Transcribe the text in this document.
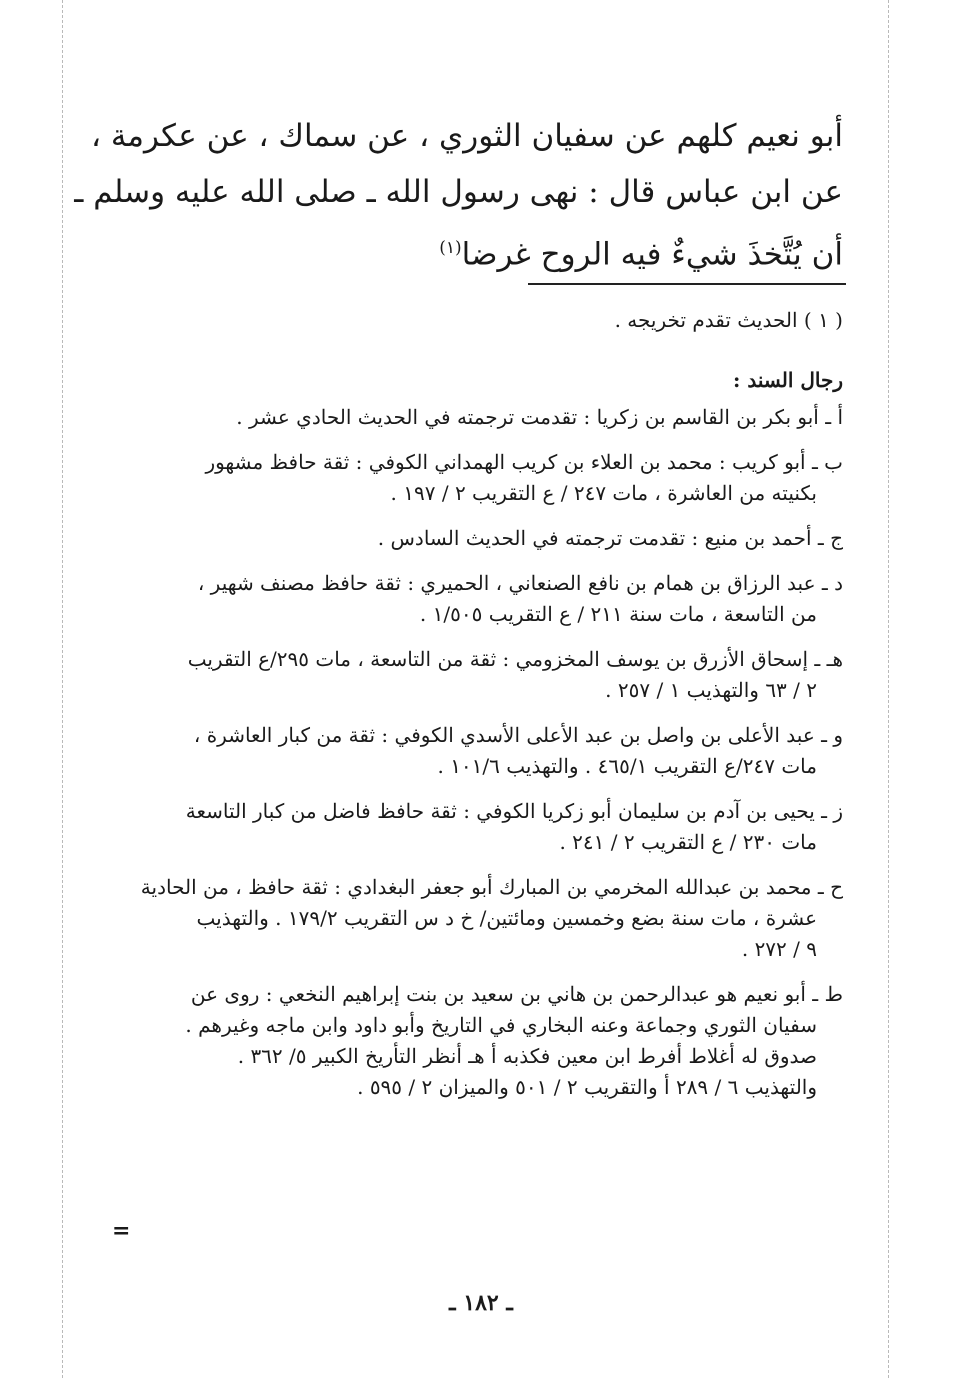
أبو نعيم كلهم عن سفيان الثوري ، عن سماك ، عن عكرمة ،
عن ابن عباس قال : نهى رسول الله ـ صلى الله عليه وسلم ـ
أن يُتَّخذَ شيءٌ فيه الروح غرضا$^{(١)}$
( ١ ) الحديث تقدم تخريجه .
رجال السند :
أ ـ أبو بكر بن القاسم بن زكريا : تقدمت ترجمته في الحديث الحادي عشر .
ب ـ أبو كريب : محمد بن العلاء بن كريب الهمداني الكوفي : ثقة حافظ مشهور
بكنيته من العاشرة ، مات ٢٤٧ / ع التقريب ٢ / ١٩٧ .
ج ـ أحمد بن منيع : تقدمت ترجمته في الحديث السادس .
د ـ عبد الرزاق بن همام بن نافع الصنعاني ، الحميري : ثقة حافظ مصنف شهير ،
من التاسعة ، مات سنة ٢١١ / ع التقريب ١/٥٠٥ .
هـ ـ إسحاق الأزرق بن يوسف المخزومي : ثقة من التاسعة ، مات ٢٩٥/ع التقريب
٢ / ٦٣ والتهذيب ١ / ٢٥٧ .
و ـ عبد الأعلى بن واصل بن عبد الأعلى الأسدي الكوفي : ثقة من كبار العاشرة ،
مات ٢٤٧/ع التقريب ٤٦٥/١ . والتهذيب ١٠١/٦ .
ز ـ يحيى بن آدم بن سليمان أبو زكريا الكوفي : ثقة حافظ فاضل من كبار التاسعة
مات ٢٣٠ / ع التقريب ٢ / ٢٤١ .
ح ـ محمد بن عبدالله المخرمي بن المبارك أبو جعفر البغدادي : ثقة حافظ ، من الحادية
عشرة ، مات سنة بضع وخمسين ومائتين/ خ د س التقريب ١٧٩/٢ . والتهذيب
٩ / ٢٧٢ .
ط ـ أبو نعيم هو عبدالرحمن بن هاني بن سعيد بن بنت إبراهيم النخعي : روى عن
سفيان الثوري وجماعة وعنه البخاري في التاريخ وأبو داود وابن ماجه وغيرهم .
صدوق له أغلاط أفرط ابن معين فكذبه أ هـ أنظر التأريخ الكبير ٥/ ٣٦٢ .
والتهذيب ٦ / ٢٨٩ أ والتقريب ٢ / ٥٠١ والميزان ٢ / ٥٩٥ .
=
ـ ١٨٢ ـ
